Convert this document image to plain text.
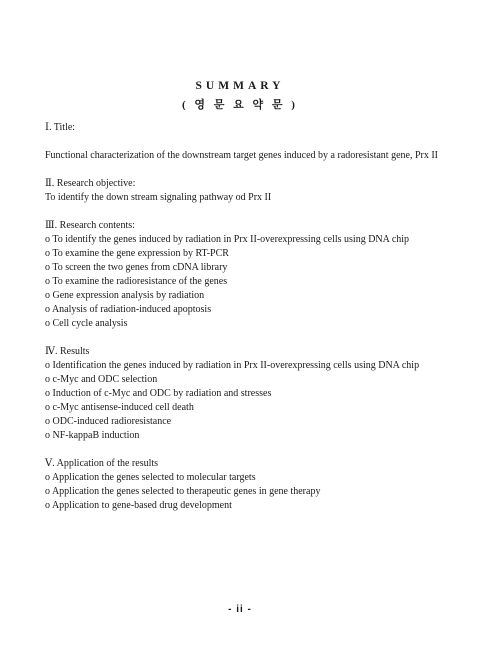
SUMMARY
( 영 문 요 약 문 )

Ⅰ. Title:

Functional characterization of the downstream target genes induced by a radoresistant gene, Prx II

Ⅱ. Research objective:

To identify the down stream signaling pathway od Prx II

Ⅲ. Research contents:

o To identify the genes induced by radiation in Prx II-overexpressing cells using DNA chip

o To examine the gene expression by RT-PCR

o To screen the two genes from cDNA library

o To examine the radioresistance of the genes

o Gene expression analysis by radiation

o Analysis of radiation-induced apoptosis

o Cell cycle analysis

Ⅳ. Results

o Identification the genes induced by radiation in Prx II-overexpressing cells using DNA chip

o c-Myc and ODC selection

o Induction of c-Myc and ODC by radiation and stresses

o c-Myc antisense-induced cell death

o ODC-induced radioresistance

o NF-kappaB induction

Ⅴ. Application of the results

o Application the genes selected to molecular targets

o Application the genes selected to therapeutic genes in gene therapy

o Application to gene-based drug development

- ii -
